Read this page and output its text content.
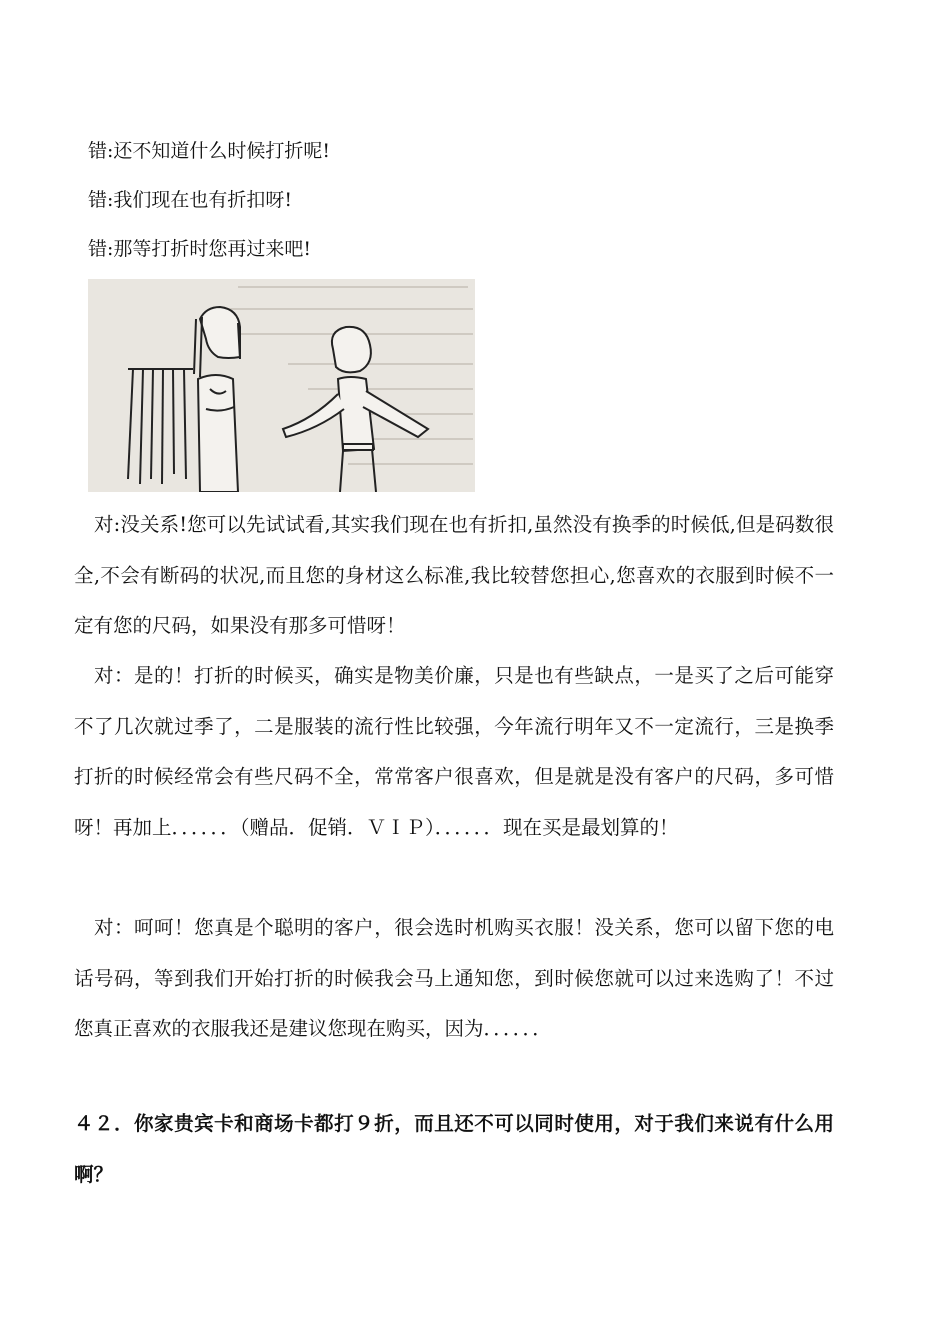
错:还不知道什么时候打折呢!
错:我们现在也有折扣呀!
错:那等打折时您再过来吧!
对:没关系!您可以先试试看,其实我们现在也有折扣,虽然没有换季的时候低,但是码数很全,不会有断码的状况,而且您的身材这么标准,我比较替您担心,您喜欢的衣服到时候不一定有您的尺码，如果没有那多可惜呀！
对：是的！打折的时候买，确实是物美价廉，只是也有些缺点，一是买了之后可能穿不了几次就过季了，二是服装的流行性比较强，今年流行明年又不一定流行，三是换季打折的时候经常会有些尺码不全，常常客户很喜欢，但是就是没有客户的尺码，多可惜呀！再加上．．．．．．（赠品．促销．ＶＩＰ）．．．．．．现在买是最划算的！
对：呵呵！您真是个聪明的客户，很会选时机购买衣服！没关系，您可以留下您的电话号码，等到我们开始打折的时候我会马上通知您，到时候您就可以过来选购了！不过您真正喜欢的衣服我还是建议您现在购买，因为．．．．．．
４２．你家贵宾卡和商场卡都打９折，而且还不可以同时使用，对于我们来说有什么用啊？
